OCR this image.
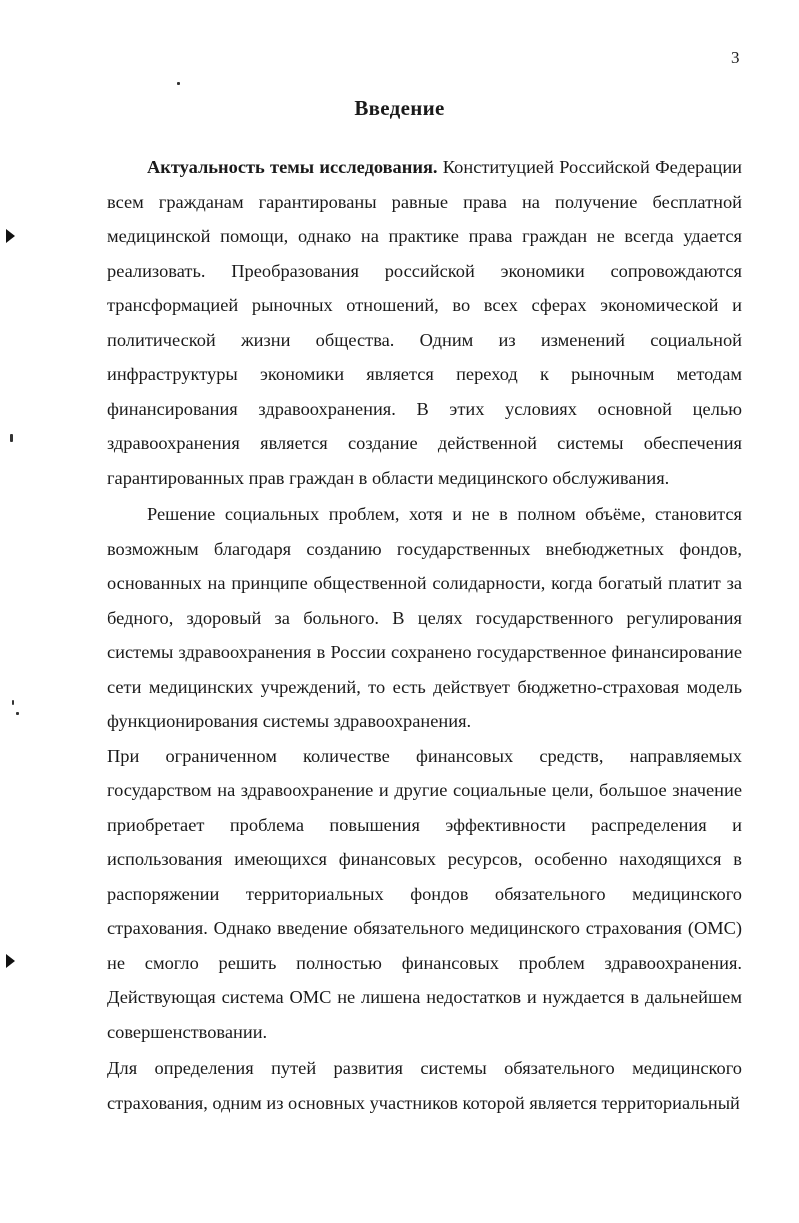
3
Введение

Актуальность темы исследования. Конституцией Российской Федерации всем гражданам гарантированы равные права на получение бесплатной медицинской помощи, однако на практике права граждан не всегда удается реализовать. Преобразования российской экономики сопровождаются трансформацией рыночных отношений, во всех сферах экономической и политической жизни общества. Одним из изменений социальной инфраструктуры экономики является переход к рыночным методам финансирования здравоохранения. В этих условиях основной целью здравоохранения является создание действенной системы обеспечения гарантированных прав граждан в области медицинского обслуживания.

Решение социальных проблем, хотя и не в полном объёме, становится возможным благодаря созданию государственных внебюджетных фондов, основанных на принципе общественной солидарности, когда богатый платит за бедного, здоровый за больного. В целях государственного регулирования системы здравоохранения в России сохранено государственное финансирование сети медицинских учреждений, то есть действует бюджетно-страховая модель функционирования системы здравоохранения.

При ограниченном количестве финансовых средств, направляемых государством на здравоохранение и другие социальные цели, большое значение приобретает проблема повышения эффективности распределения и использования имеющихся финансовых ресурсов, особенно находящихся в распоряжении территориальных фондов обязательного медицинского страхования. Однако введение обязательного медицинского страхования (ОМС) не смогло решить полностью финансовых проблем здравоохранения. Действующая система ОМС не лишена недостатков и нуждается в дальнейшем совершенствовании.

Для определения путей развития системы обязательного медицинского страхования, одним из основных участников которой является территориальный
